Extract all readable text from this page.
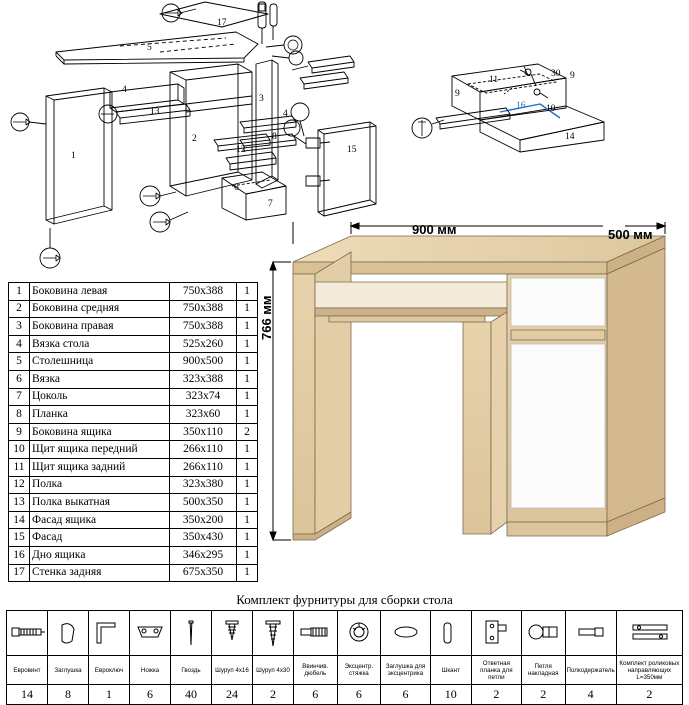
17
5
4
13
1
2
3
4
12
6
7
8
15
11	9
9
10
14
16
30
1	Боковина левая	750x388	1
2	Боковина средняя	750x388	1
3	Боковина правая	750x388	1
4	Вязка стола	525x260	1
5	Столешница	900x500	1
6	Вязка	323x388	1
7	Цоколь	323x74	1
8	Планка	323x60	1
9	Боковина ящика	350x110	2
10	Щит ящика передний	266x110	1
11	Щит ящика задний	266x110	1
12	Полка	323x380	1
13	Полка выкатная	500x350	1
14	Фасад ящика	350x200	1
15	Фасад	350x430	1
16	Дно ящика	346x295	1
17	Стенка задняя	675x350	1
900 мм	500 мм
766 мм
Комплект фурнитуры для сборки стола

Евровинт	Заглушка	Евроключ	Ножка	Гвоздь	Шуруп 4х16	Шуруп 4х30	Ввинчив. дюбель	Эксцентр. стяжка	Заглушка для эксцентрика	Шкант	Ответная планка для петли	Петля накладная	Полкодержатель	Комплект роликовых направляющих L=350мм
14	8	1	6	40	24	2	6	6	6	10	2	2	4	2
